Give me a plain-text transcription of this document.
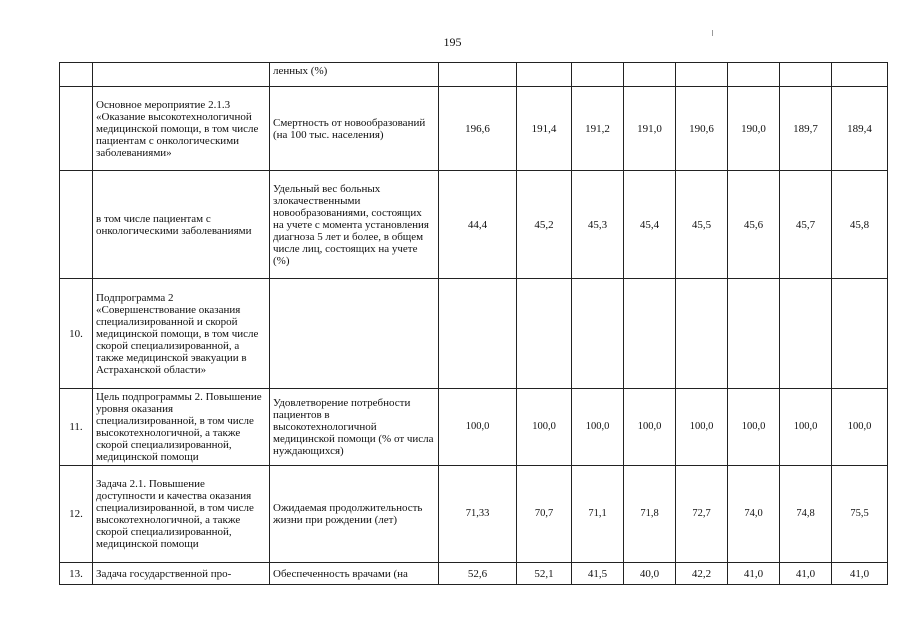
195
		ленных (%)								
	Основное мероприятие 2.1.3 «Оказание высокотехнологичной медицинской помощи, в том числе пациентам с онкологическими заболеваниями»	Смертность от новообразований (на 100 тыс. населения)	196,6	191,4	191,2	191,0	190,6	190,0	189,7	189,4
	в том числе пациентам с онкологическими заболеваниями	Удельный вес больных злокачественными новообразованиями, состоящих на учете с момента установления диагноза 5 лет и более, в общем числе лиц, состоящих на учете (%)	44,4	45,2	45,3	45,4	45,5	45,6	45,7	45,8
10.	Подпрограмма 2 «Совершенствование оказания специализированной и скорой медицинской помощи, в том числе скорой специализированной, а также медицинской эвакуации в Астраханской области»									
11.	Цель подпрограммы 2. Повышение уровня оказания специализированной, в том числе высокотехнологичной, а также скорой специализированной, медицинской помощи	Удовлетворение потребности пациентов в высокотехнологичной медицинской помощи (% от числа нуждающихся)	100,0	100,0	100,0	100,0	100,0	100,0	100,0	100,0
12.	Задача 2.1. Повышение доступности и качества оказания специализированной, в том числе высокотехнологичной, а также скорой специализированной, медицинской помощи	Ожидаемая продолжительность жизни при рождении (лет)	71,33	70,7	71,1	71,8	72,7	74,0	74,8	75,5
13.	Задача государственной про-	Обеспеченность врачами (на	52,6	52,1	41,5	40,0	42,2	41,0	41,0	41,0
